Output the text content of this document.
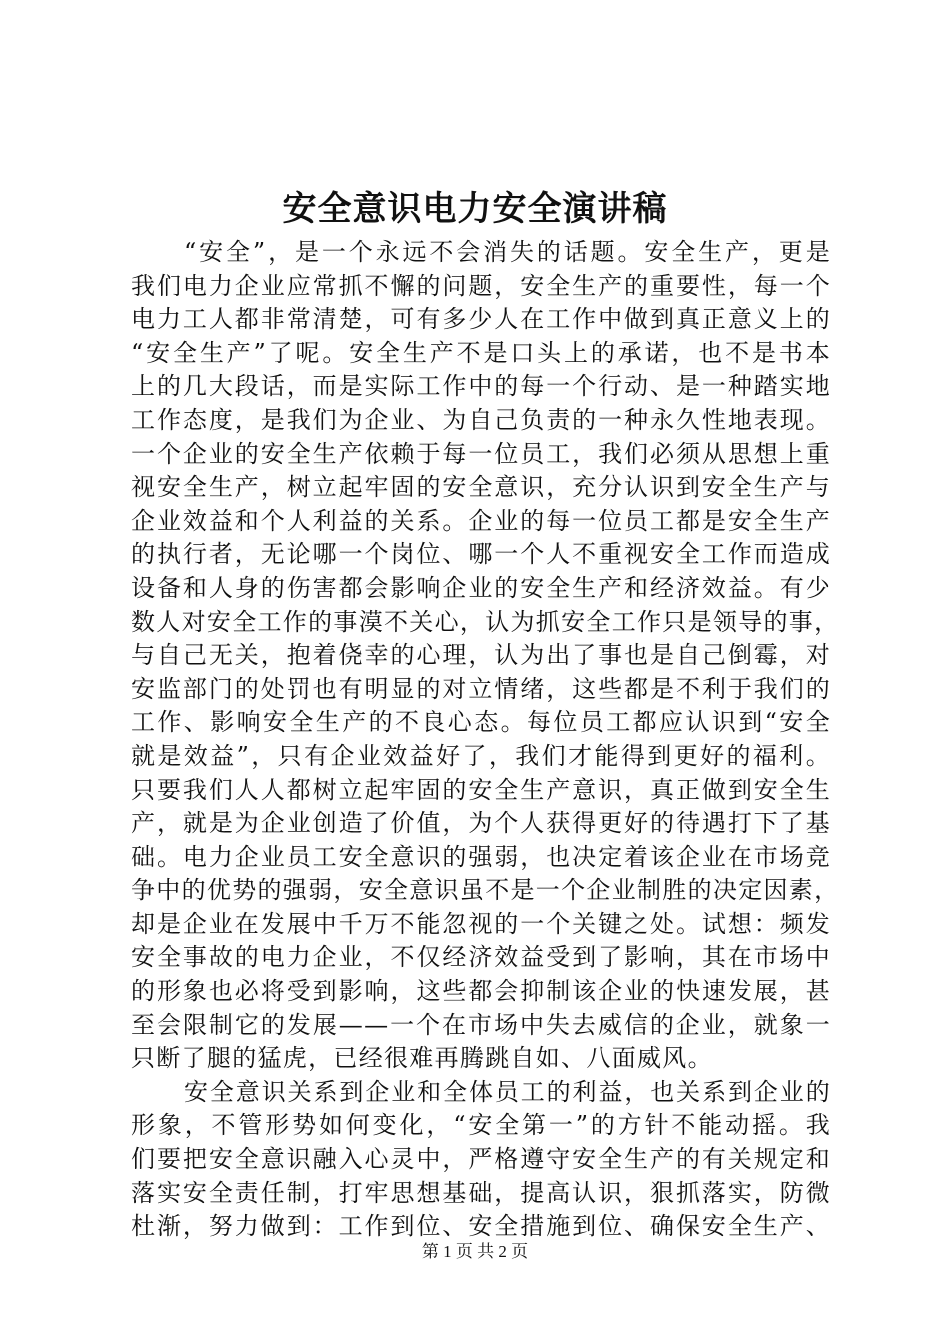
安全意识电力安全演讲稿
“安全”，是一个永远不会消失的话题。安全生产，更是
我们电力企业应常抓不懈的问题，安全生产的重要性，每一个
电力工人都非常清楚，可有多少人在工作中做到真正意义上的
“安全生产”了呢。安全生产不是口头上的承诺，也不是书本
上的几大段话，而是实际工作中的每一个行动、是一种踏实地
工作态度，是我们为企业、为自己负责的一种永久性地表现。
一个企业的安全生产依赖于每一位员工，我们必须从思想上重
视安全生产，树立起牢固的安全意识，充分认识到安全生产与
企业效益和个人利益的关系。企业的每一位员工都是安全生产
的执行者，无论哪一个岗位、哪一个人不重视安全工作而造成
设备和人身的伤害都会影响企业的安全生产和经济效益。有少
数人对安全工作的事漠不关心，认为抓安全工作只是领导的事，
与自己无关，抱着侥幸的心理，认为出了事也是自己倒霉，对
安监部门的处罚也有明显的对立情绪，这些都是不利于我们的
工作、影响安全生产的不良心态。每位员工都应认识到“安全
就是效益”，只有企业效益好了，我们才能得到更好的福利。
只要我们人人都树立起牢固的安全生产意识，真正做到安全生
产，就是为企业创造了价值，为个人获得更好的待遇打下了基
础。电力企业员工安全意识的强弱，也决定着该企业在市场竞
争中的优势的强弱，安全意识虽不是一个企业制胜的决定因素，
却是企业在发展中千万不能忽视的一个关键之处。试想：频发
安全事故的电力企业，不仅经济效益受到了影响，其在市场中
的形象也必将受到影响，这些都会抑制该企业的快速发展，甚
至会限制它的发展——一个在市场中失去威信的企业，就象一
只断了腿的猛虎，已经很难再腾跳自如、八面威风。
安全意识关系到企业和全体员工的利益，也关系到企业的
形象，不管形势如何变化，“安全第一”的方针不能动摇。我
们要把安全意识融入心灵中，严格遵守安全生产的有关规定和
落实安全责任制，打牢思想基础，提高认识，狠抓落实，防微
杜渐，努力做到：工作到位、安全措施到位、确保安全生产、
第 1 页 共 2 页
